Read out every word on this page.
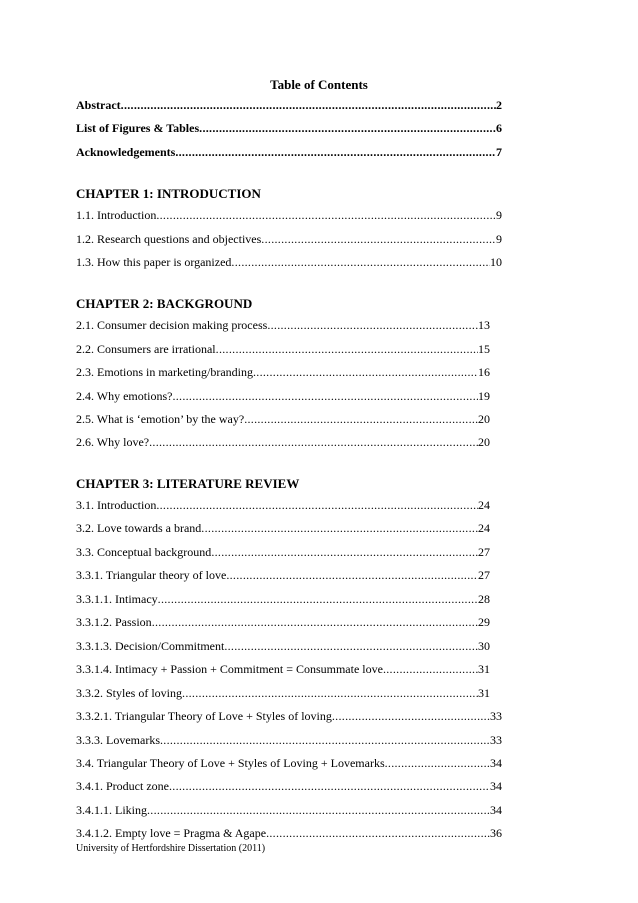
Table of Contents
Abstract .....	2
List of Figures & Tables .....	6
Acknowledgements .....	7
CHAPTER 1: INTRODUCTION
1.1. Introduction .....	9
1.2. Research questions and objectives .....	9
1.3. How this paper is organized .....	10
CHAPTER 2: BACKGROUND
2.1. Consumer decision making process .....	13
2.2. Consumers are irrational .....	15
2.3. Emotions in marketing/branding .....	16
2.4. Why emotions? .....	19
2.5. What is ‘emotion’ by the way? .....	20
2.6. Why love? .....	20
CHAPTER 3: LITERATURE REVIEW
3.1. Introduction .....	24
3.2. Love towards a brand .....	24
3.3. Conceptual background .....	27
3.3.1. Triangular theory of love .....	27
3.3.1.1. Intimacy .....	28
3.3.1.2. Passion .....	29
3.3.1.3. Decision/Commitment .....	30
3.3.1.4. Intimacy + Passion + Commitment = Consummate love .....	31
3.3.2. Styles of loving .....	31
3.3.2.1. Triangular Theory of Love + Styles of loving .....	33
3.3.3. Lovemarks .....	33
3.4. Triangular Theory of Love + Styles of Loving + Lovemarks .....	34
3.4.1. Product zone .....	34
3.4.1.1. Liking .....	34
3.4.1.2. Empty love = Pragma & Agape .....	36
University of Hertfordshire Dissertation (2011)
